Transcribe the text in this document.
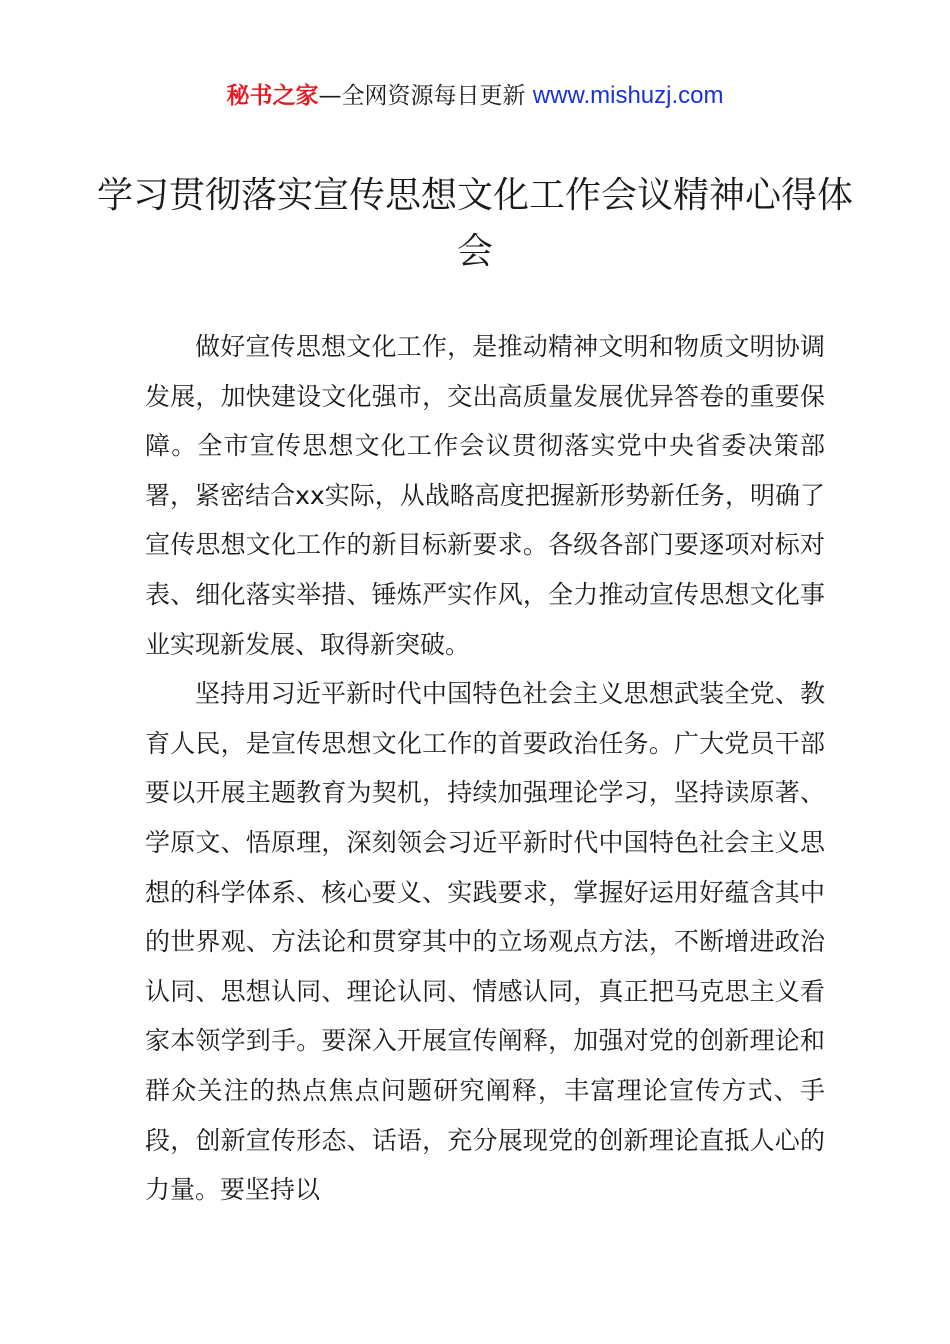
秘书之家—全网资源每日更新 www.mishuzj.com
学习贯彻落实宣传思想文化工作会议精神心得体会

做好宣传思想文化工作，是推动精神文明和物质文明协调发展，加快建设文化强市，交出高质量发展优异答卷的重要保障。全市宣传思想文化工作会议贯彻落实党中央省委决策部署，紧密结合xx实际，从战略高度把握新形势新任务，明确了宣传思想文化工作的新目标新要求。各级各部门要逐项对标对表、细化落实举措、锤炼严实作风，全力推动宣传思想文化事业实现新发展、取得新突破。

坚持用习近平新时代中国特色社会主义思想武装全党、教育人民，是宣传思想文化工作的首要政治任务。广大党员干部要以开展主题教育为契机，持续加强理论学习，坚持读原著、学原文、悟原理，深刻领会习近平新时代中国特色社会主义思想的科学体系、核心要义、实践要求，掌握好运用好蕴含其中的世界观、方法论和贯穿其中的立场观点方法，不断增进政治认同、思想认同、理论认同、情感认同，真正把马克思主义看家本领学到手。要深入开展宣传阐释，加强对党的创新理论和群众关注的热点焦点问题研究阐释，丰富理论宣传方式、手段，创新宣传形态、话语，充分展现党的创新理论直抵人心的力量。要坚持以
